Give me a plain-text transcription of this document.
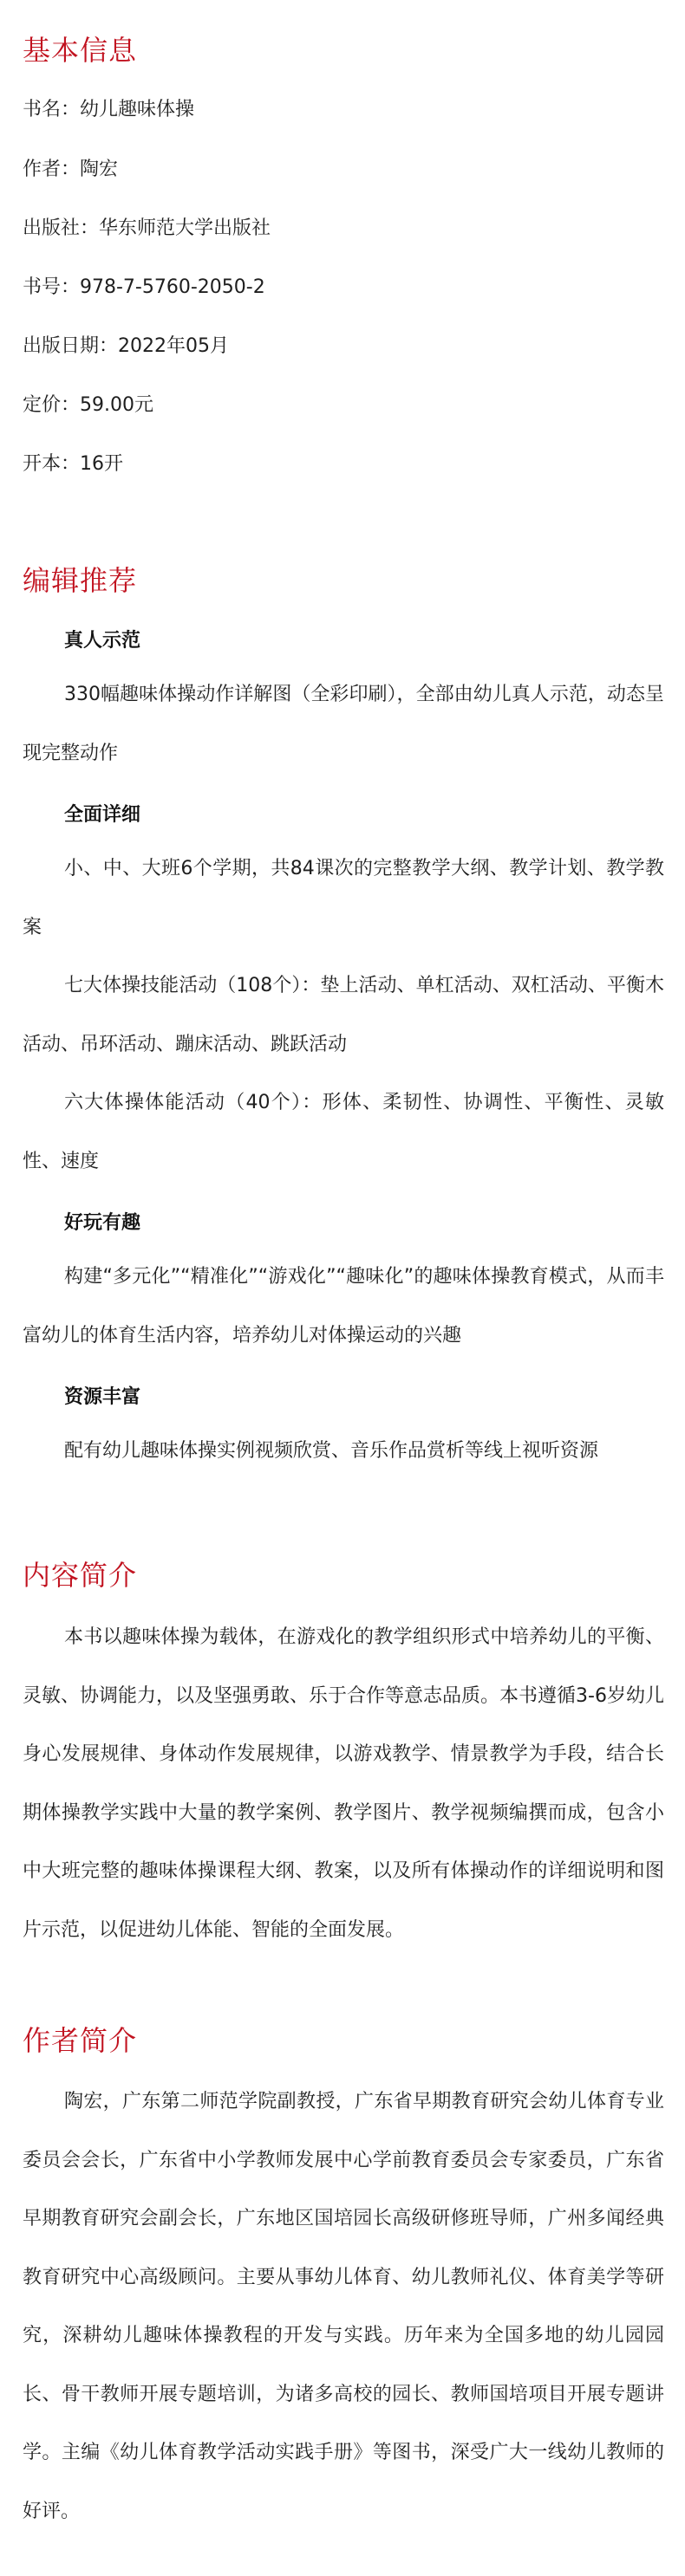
基本信息
书名：幼儿趣味体操
作者：陶宏
出版社：华东师范大学出版社
书号：978-7-5760-2050-2
出版日期：2022年05月
定价：59.00元
开本：16开
编辑推荐
真人示范

330幅趣味体操动作详解图（全彩印刷），全部由幼儿真人示范，动态呈现完整动作

全面详细

小、中、大班6个学期，共84课次的完整教学大纲、教学计划、教学教案

七大体操技能活动（108个）：垫上活动、单杠活动、双杠活动、平衡木活动、吊环活动、蹦床活动、跳跃活动

六大体操体能活动（40个）：形体、柔韧性、协调性、平衡性、灵敏性、速度

好玩有趣

构建“多元化”“精准化”“游戏化”“趣味化”的趣味体操教育模式，从而丰富幼儿的体育生活内容，培养幼儿对体操运动的兴趣

资源丰富

配有幼儿趣味体操实例视频欣赏、音乐作品赏析等线上视听资源

内容简介

本书以趣味体操为载体，在游戏化的教学组织形式中培养幼儿的平衡、灵敏、协调能力，以及坚强勇敢、乐于合作等意志品质。本书遵循3-6岁幼儿身心发展规律、身体动作发展规律，以游戏教学、情景教学为手段，结合长期体操教学实践中大量的教学案例、教学图片、教学视频编撰而成，包含小中大班完整的趣味体操课程大纲、教案，以及所有体操动作的详细说明和图片示范，以促进幼儿体能、智能的全面发展。

作者简介

陶宏，广东第二师范学院副教授，广东省早期教育研究会幼儿体育专业委员会会长，广东省中小学教师发展中心学前教育委员会专家委员，广东省早期教育研究会副会长，广东地区国培园长高级研修班导师，广州多闻经典教育研究中心高级顾问。主要从事幼儿体育、幼儿教师礼仪、体育美学等研究，深耕幼儿趣味体操教程的开发与实践。历年来为全国多地的幼儿园园长、骨干教师开展专题培训，为诸多高校的园长、教师国培项目开展专题讲学。主编《幼儿体育教学活动实践手册》等图书，深受广大一线幼儿教师的好评。
